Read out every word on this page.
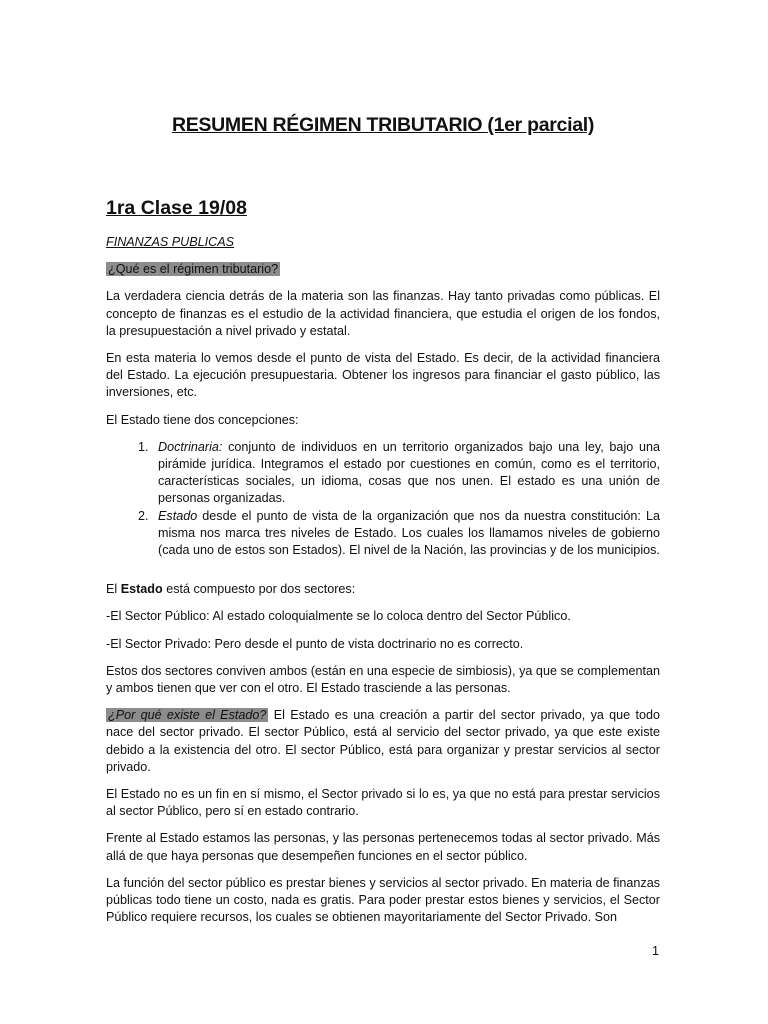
RESUMEN RÉGIMEN TRIBUTARIO (1er parcial)
1ra Clase 19/08
FINANZAS PUBLICAS
¿Qué es el régimen tributario?

La verdadera ciencia detrás de la materia son las finanzas. Hay tanto privadas como públicas. El concepto de finanzas es el estudio de la actividad financiera, que estudia el origen de los fondos, la presupuestación a nivel privado y estatal.

En esta materia lo vemos desde el punto de vista del Estado. Es decir, de la actividad financiera del Estado. La ejecución presupuestaria. Obtener los ingresos para financiar el gasto público, las inversiones, etc.

El Estado tiene dos concepciones:

1. Doctrinaria: conjunto de individuos en un territorio organizados bajo una ley, bajo una pirámide jurídica. Integramos el estado por cuestiones en común, como es el territorio, características sociales, un idioma, cosas que nos unen. El estado es una unión de personas organizadas.
2. Estado desde el punto de vista de la organización que nos da nuestra constitución: La misma nos marca tres niveles de Estado. Los cuales los llamamos niveles de gobierno (cada uno de estos son Estados). El nivel de la Nación, las provincias y de los municipios.

El Estado está compuesto por dos sectores:

-El Sector Público: Al estado coloquialmente se lo coloca dentro del Sector Público.

-El Sector Privado: Pero desde el punto de vista doctrinario no es correcto.

Estos dos sectores conviven ambos (están en una especie de simbiosis), ya que se complementan y ambos tienen que ver con el otro. El Estado trasciende a las personas.

¿Por qué existe el Estado? El Estado es una creación a partir del sector privado, ya que todo nace del sector privado. El sector Público, está al servicio del sector privado, ya que este existe debido a la existencia del otro. El sector Público, está para organizar y prestar servicios al sector privado.

El Estado no es un fin en sí mismo, el Sector privado si lo es, ya que no está para prestar servicios al sector Público, pero sí en estado contrario.

Frente al Estado estamos las personas, y las personas pertenecemos todas al sector privado. Más allá de que haya personas que desempeñen funciones en el sector público.

La función del sector público es prestar bienes y servicios al sector privado. En materia de finanzas públicas todo tiene un costo, nada es gratis. Para poder prestar estos bienes y servicios, el Sector Público requiere recursos, los cuales se obtienen mayoritariamente del Sector Privado. Son

1
